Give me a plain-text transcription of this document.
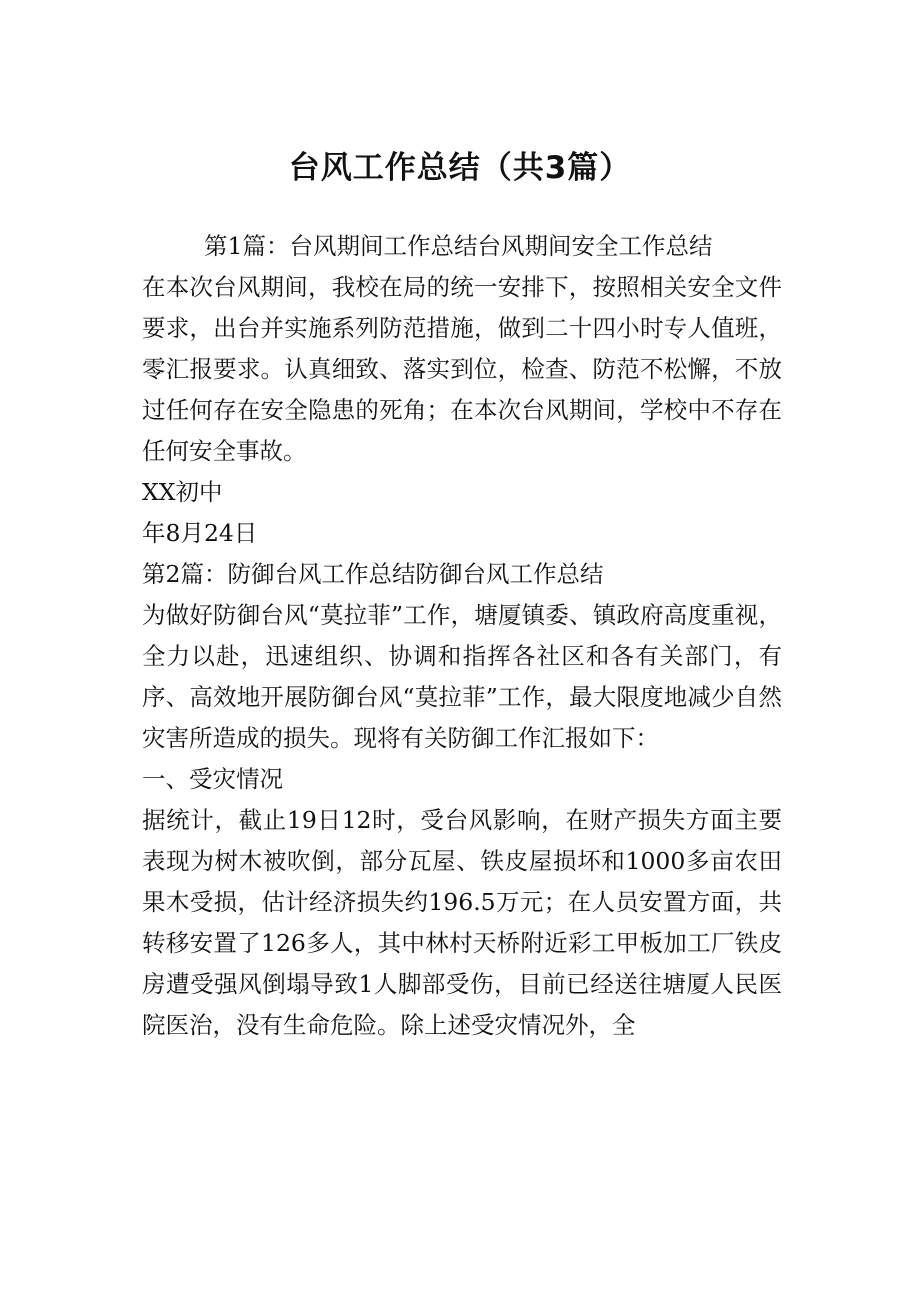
台风工作总结（共3篇）

第1篇：台风期间工作总结台风期间安全工作总结

在本次台风期间，我校在局的统一安排下，按照相关安全文件要求，出台并实施系列防范措施，做到二十四小时专人值班，零汇报要求。认真细致、落实到位，检查、防范不松懈，不放过任何存在安全隐患的死角；在本次台风期间，学校中不存在任何安全事故。

XX初中

年8月24日

第2篇：防御台风工作总结防御台风工作总结

为做好防御台风“莫拉菲”工作，塘厦镇委、镇政府高度重视，全力以赴，迅速组织、协调和指挥各社区和各有关部门，有序、高效地开展防御台风“莫拉菲”工作，最大限度地减少自然灾害所造成的损失。现将有关防御工作汇报如下：

一、受灾情况

据统计，截止19日12时，受台风影响，在财产损失方面主要表现为树木被吹倒，部分瓦屋、铁皮屋损坏和1000多亩农田果木受损，估计经济损失约196.5万元；在人员安置方面，共转移安置了126多人，其中林村天桥附近彩工甲板加工厂铁皮房遭受强风倒塌导致1人脚部受伤，目前已经送往塘厦人民医院医治，没有生命危险。除上述受灾情况外，全
